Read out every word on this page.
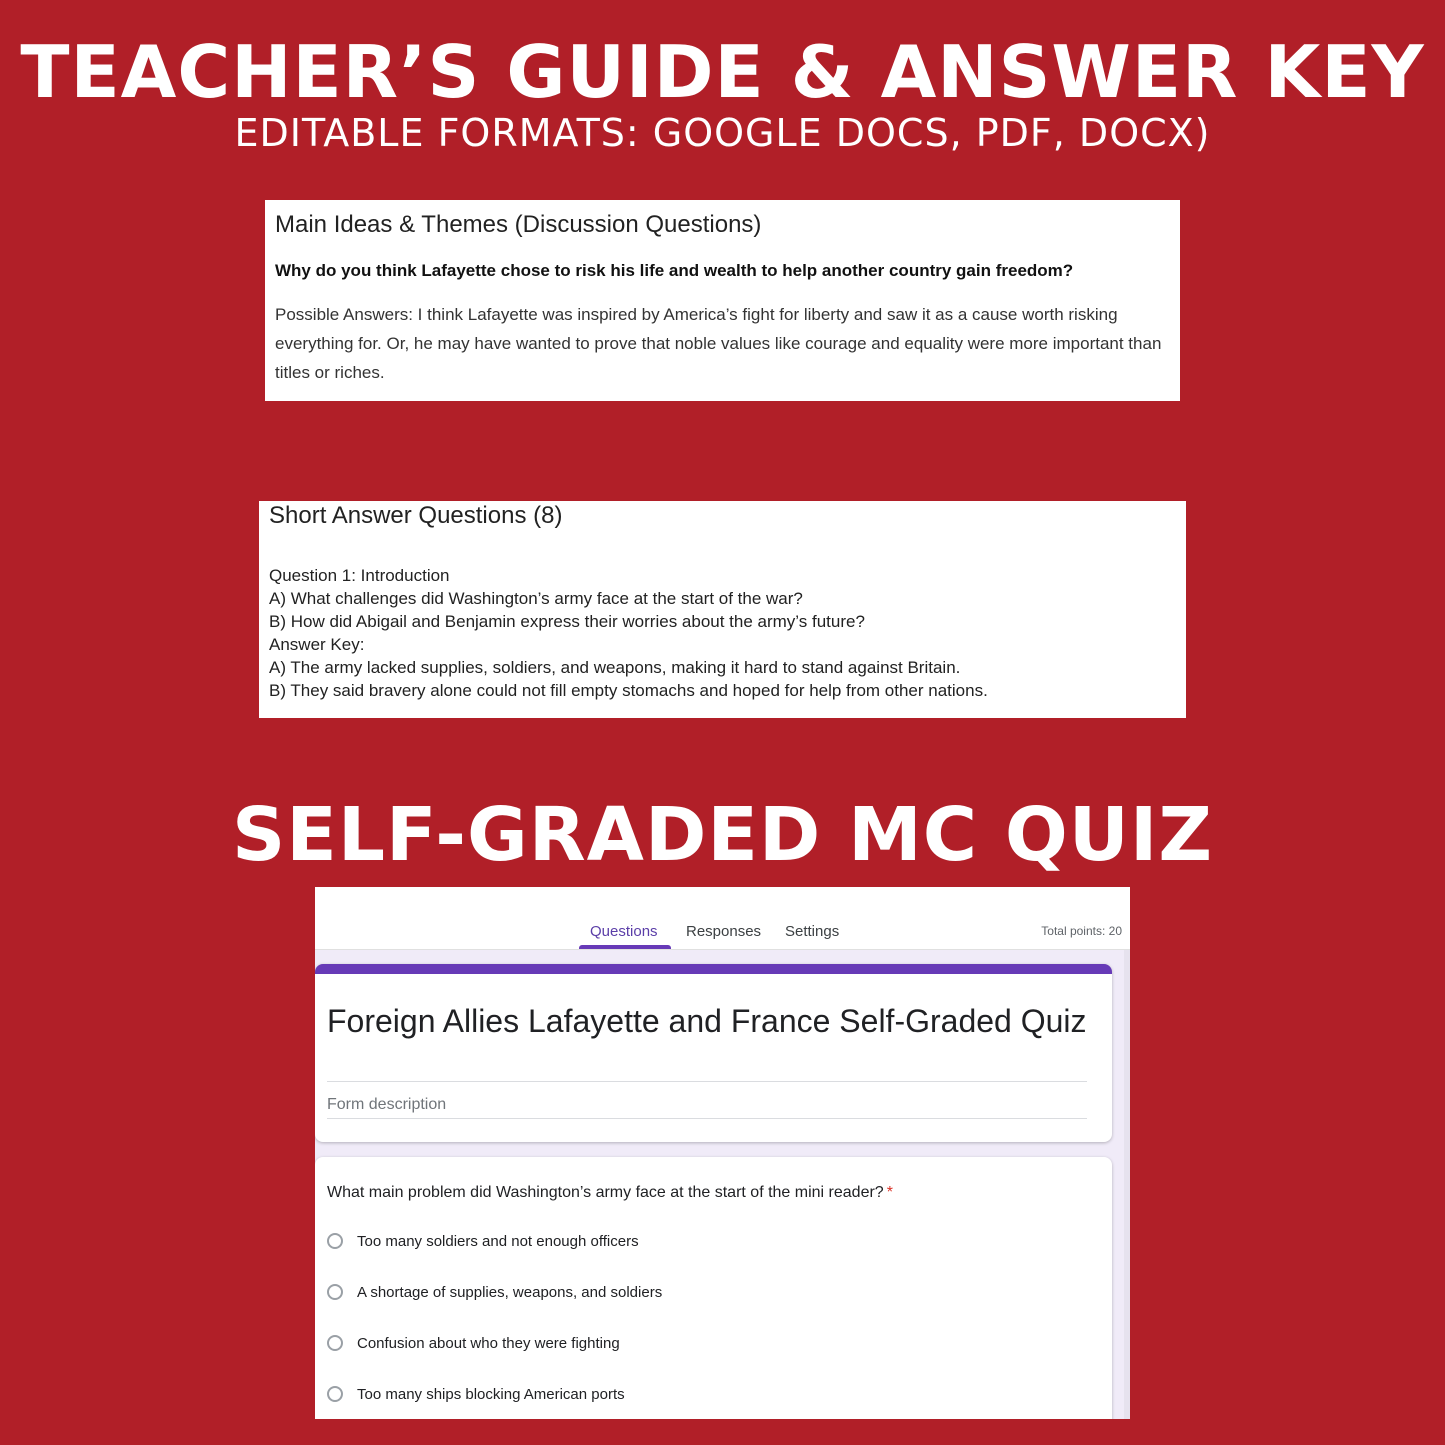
TEACHER’S GUIDE & ANSWER KEY
EDITABLE FORMATS: GOOGLE DOCS, PDF, DOCX)
Main Ideas & Themes (Discussion Questions)
Why do you think Lafayette chose to risk his life and wealth to help another country gain freedom?
Possible Answers: I think Lafayette was inspired by America’s fight for liberty and saw it as a cause worth risking everything for. Or, he may have wanted to prove that noble values like courage and equality were more important than titles or riches.
Short Answer Questions (8)
Question 1: Introduction
A) What challenges did Washington’s army face at the start of the war?
B) How did Abigail and Benjamin express their worries about the army’s future?
Answer Key:
A) The army lacked supplies, soldiers, and weapons, making it hard to stand against Britain.
B) They said bravery alone could not fill empty stomachs and hoped for help from other nations.
SELF-GRADED MC QUIZ
Questions Responses Settings	Total points: 20
Foreign Allies Lafayette and France Self-Graded Quiz
Form description
What main problem did Washington’s army face at the start of the mini reader? *
Too many soldiers and not enough officers
A shortage of supplies, weapons, and soldiers
Confusion about who they were fighting
Too many ships blocking American ports
